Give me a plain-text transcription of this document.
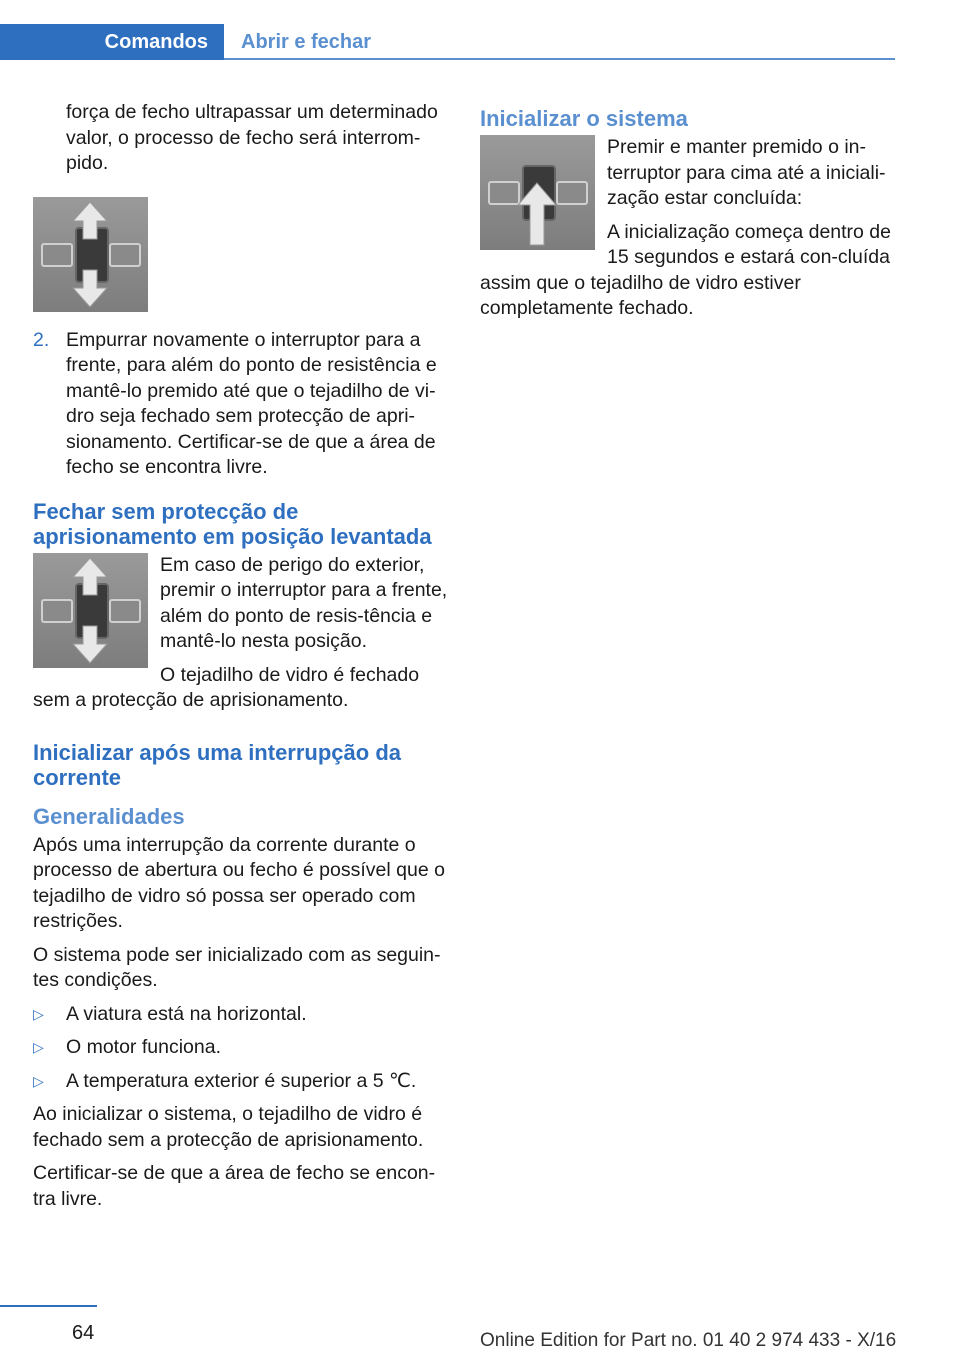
Comandos	Abrir e fechar

força de fecho ultrapassar um determinado valor, o processo de fecho será interrom-pido.

2. Empurrar novamente o interruptor para a frente, para além do ponto de resistência e mantê-lo premido até que o tejadilho de vi-dro seja fechado sem protecção de apri-sionamento. Certificar-se de que a área de fecho se encontra livre.
Fechar sem protecção de aprisionamento em posição levantada

Em caso de perigo do exterior, premir o interruptor para a frente, além do ponto de resis-tência e mantê-lo nesta posição.

O tejadilho de vidro é fechado sem a protecção de aprisionamento.

Inicializar após uma interrupção da corrente
Generalidades

Após uma interrupção da corrente durante o processo de abertura ou fecho é possível que o tejadilho de vidro só possa ser operado com restrições.

O sistema pode ser inicializado com as seguin-tes condições.

▷	A viatura está na horizontal.
▷	O motor funciona.
▷	A temperatura exterior é superior a 5 ℃.

Ao inicializar o sistema, o tejadilho de vidro é fechado sem a protecção de aprisionamento.

Certificar-se de que a área de fecho se encon-tra livre.

Inicializar o sistema

Premir e manter premido o in-terruptor para cima até a iniciali-zação estar concluída:

A inicialização começa dentro de 15 segundos e estará con-cluída assim que o tejadilho de vidro estiver completamente fechado.

64	Online Edition for Part no. 01 40 2 974 433 - X/16
